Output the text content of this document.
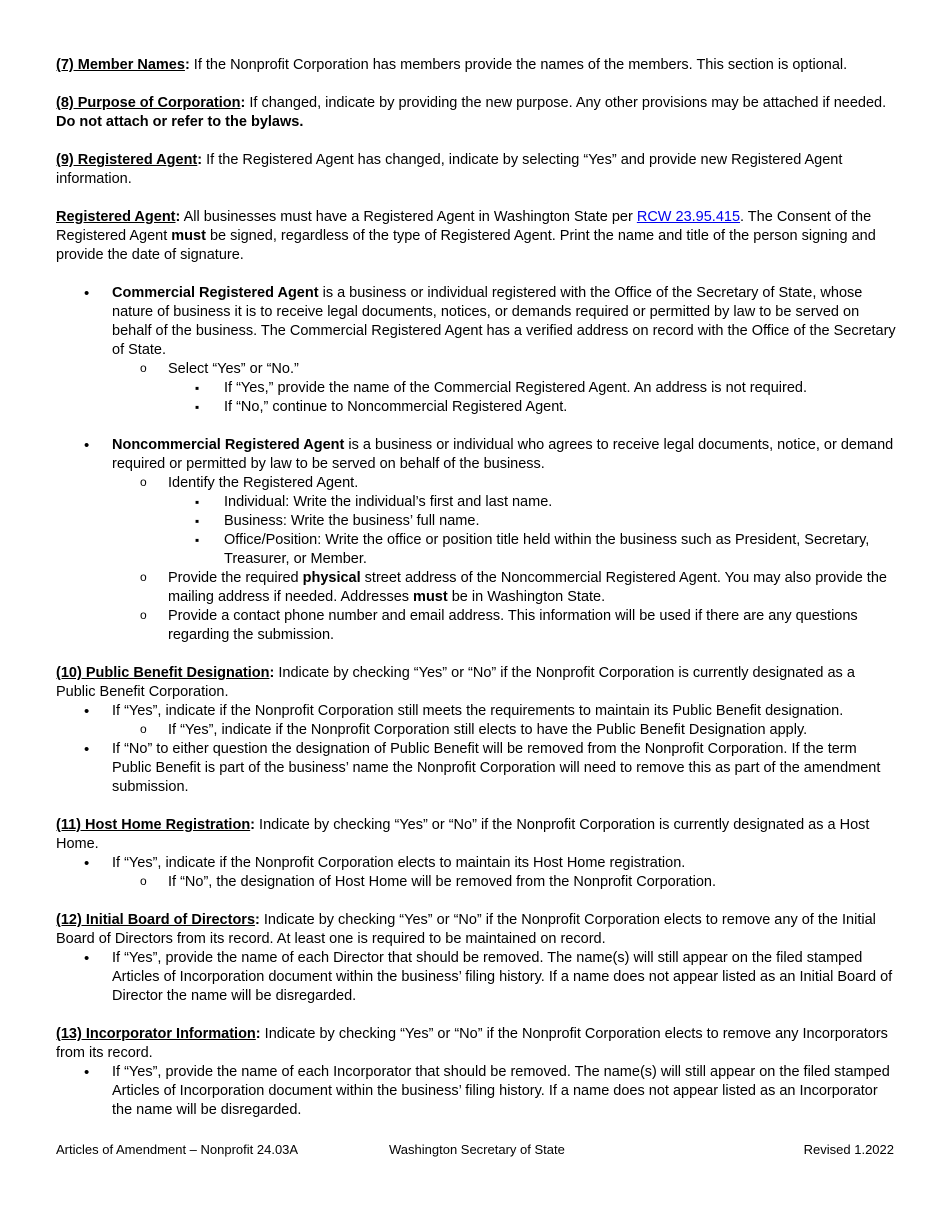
(7) Member Names: If the Nonprofit Corporation has members provide the names of the members. This section is optional.

(8) Purpose of Corporation: If changed, indicate by providing the new purpose. Any other provisions may be attached if needed. Do not attach or refer to the bylaws.

(9) Registered Agent: If the Registered Agent has changed, indicate by selecting “Yes” and provide new Registered Agent information.

Registered Agent: All businesses must have a Registered Agent in Washington State per RCW 23.95.415. The Consent of the Registered Agent must be signed, regardless of the type of Registered Agent. Print the name and title of the person signing and provide the date of signature.

• Commercial Registered Agent is a business or individual registered with the Office of the Secretary of State, whose nature of business it is to receive legal documents, notices, or demands required or permitted by law to be served on behalf of the business. The Commercial Registered Agent has a verified address on record with the Office of the Secretary of State.
o Select “Yes” or “No.”
▪ If “Yes,” provide the name of the Commercial Registered Agent. An address is not required.
▪ If “No,” continue to Noncommercial Registered Agent.
• Noncommercial Registered Agent is a business or individual who agrees to receive legal documents, notice, or demand required or permitted by law to be served on behalf of the business.
o Identify the Registered Agent.
▪ Individual: Write the individual’s first and last name.
▪ Business: Write the business’ full name.
▪ Office/Position: Write the office or position title held within the business such as President, Secretary, Treasurer, or Member.
o Provide the required physical street address of the Noncommercial Registered Agent. You may also provide the mailing address if needed. Addresses must be in Washington State.
o Provide a contact phone number and email address. This information will be used if there are any questions regarding the submission.

(10) Public Benefit Designation: Indicate by checking “Yes” or “No” if the Nonprofit Corporation is currently designated as a Public Benefit Corporation.

• If “Yes”, indicate if the Nonprofit Corporation still meets the requirements to maintain its Public Benefit designation.
o If “Yes”, indicate if the Nonprofit Corporation still elects to have the Public Benefit Designation apply.
• If “No” to either question the designation of Public Benefit will be removed from the Nonprofit Corporation. If the term Public Benefit is part of the business’ name the Nonprofit Corporation will need to remove this as part of the amendment submission.

(11) Host Home Registration: Indicate by checking “Yes” or “No” if the Nonprofit Corporation is currently designated as a Host Home.

• If “Yes”, indicate if the Nonprofit Corporation elects to maintain its Host Home registration.
o If “No”, the designation of Host Home will be removed from the Nonprofit Corporation.

(12) Initial Board of Directors: Indicate by checking “Yes” or “No” if the Nonprofit Corporation elects to remove any of the Initial Board of Directors from its record. At least one is required to be maintained on record.

• If “Yes”, provide the name of each Director that should be removed. The name(s) will still appear on the filed stamped Articles of Incorporation document within the business’ filing history. If a name does not appear listed as an Initial Board of Director the name will be disregarded.

(13) Incorporator Information: Indicate by checking “Yes” or “No” if the Nonprofit Corporation elects to remove any Incorporators from its record.

• If “Yes”, provide the name of each Incorporator that should be removed. The name(s) will still appear on the filed stamped Articles of Incorporation document within the business’ filing history. If a name does not appear listed as an Incorporator the name will be disregarded.
Articles of Amendment – Nonprofit 24.03A	Washington Secretary of State	Revised 1.2022
